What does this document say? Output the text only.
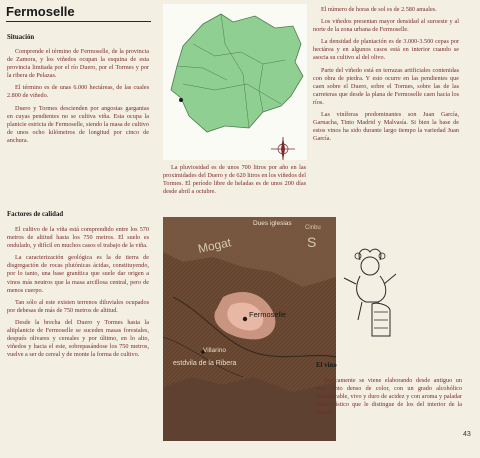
Fermoselle
Situación

Comprende el término de Fermoselle, de la provincia de Zamora, y los viñedos ocupan la esquina de esta provincia limitada por el río Duero, por el Tormes y por la ribera de Pelazas.

El término es de unas 6.000 hectáreas, de las cuales 2.800 de viñedo.

Duero y Tormes descienden por angostas gargantas en cuyas pendientes no se cultiva viña. Esta ocupa la planicie estricta de Fermoselle, siendo la masa de cultivo de unos ocho kilómetros de longitud por cinco de anchura.

La pluviosidad es de unos 700 litros por año en las proximidades del Duero y de 620 litros en los viñedos del Tormes. El período libre de heladas es de unos 200 días desde abril a octubre.

Factores de calidad

El cultivo de la viña está comprendido entre los 570 metros de altitud hasta los 750 metros. El suelo es ondulado, y difícil en muchos casos el trabajo de la viña.

La caracterización geológica es la de tierra de disgregación de rocas plutónicas ácidas, constituyendo, por lo tanto, una base granítica que suele dar origen a vinos más neutros que la masa arcillosa central, pero de menos cuerpo.

Tan sólo al este existen terrenos diluviales ocupados por debesas de más de 750 metros de altitud.

Desde la brecha del Duero y Tormes hasta la altiplanicie de Fermoselle se suceden masas forestales, después olivares y cereales y por último, en lo alto, viñedos y hacia el este, sobrepasándose los 750 metros, vuelve a ser de cereal y de monte la forma de cultivo.

Dues iglesias
Mogat	S
Cinbu
Fermoselle
Villarino
estdvila de la Ribera

El número de horas de sol es de 2.580 anuales.

Los viñedos presentan mayor densidad al suroeste y al norte de la zona urbana de Fermoselle.

La densidad de plantación es de 3.000-3.500 cepas por hectárea y en algunos casos está en interior cuando se asocia su cultivo al del olivo.

Parte del viñedo está en terrazas artificiales contenidas con obra de piedra. Y esto ocurre en las pendientes que caen sobre el Duero, sobre el Tormes, sobre las de las carreteras que desde la plana de Fermoselle caen hacia los ríos.

Las viníferas predominantes son Juan García, Garnacha, Tinto Madrid y Malvasía. Si bien la base de estos vinos ha sido durante largo tiempo la variedad Juan García.

El vino

Básicamente se viene elaborando desde antiguo un vino tinto denso de color, con un grado alcohólico considerable, vivo y duro de acidez y con aroma y paladar característico que le distingue de los del interior de la meseta.

43
